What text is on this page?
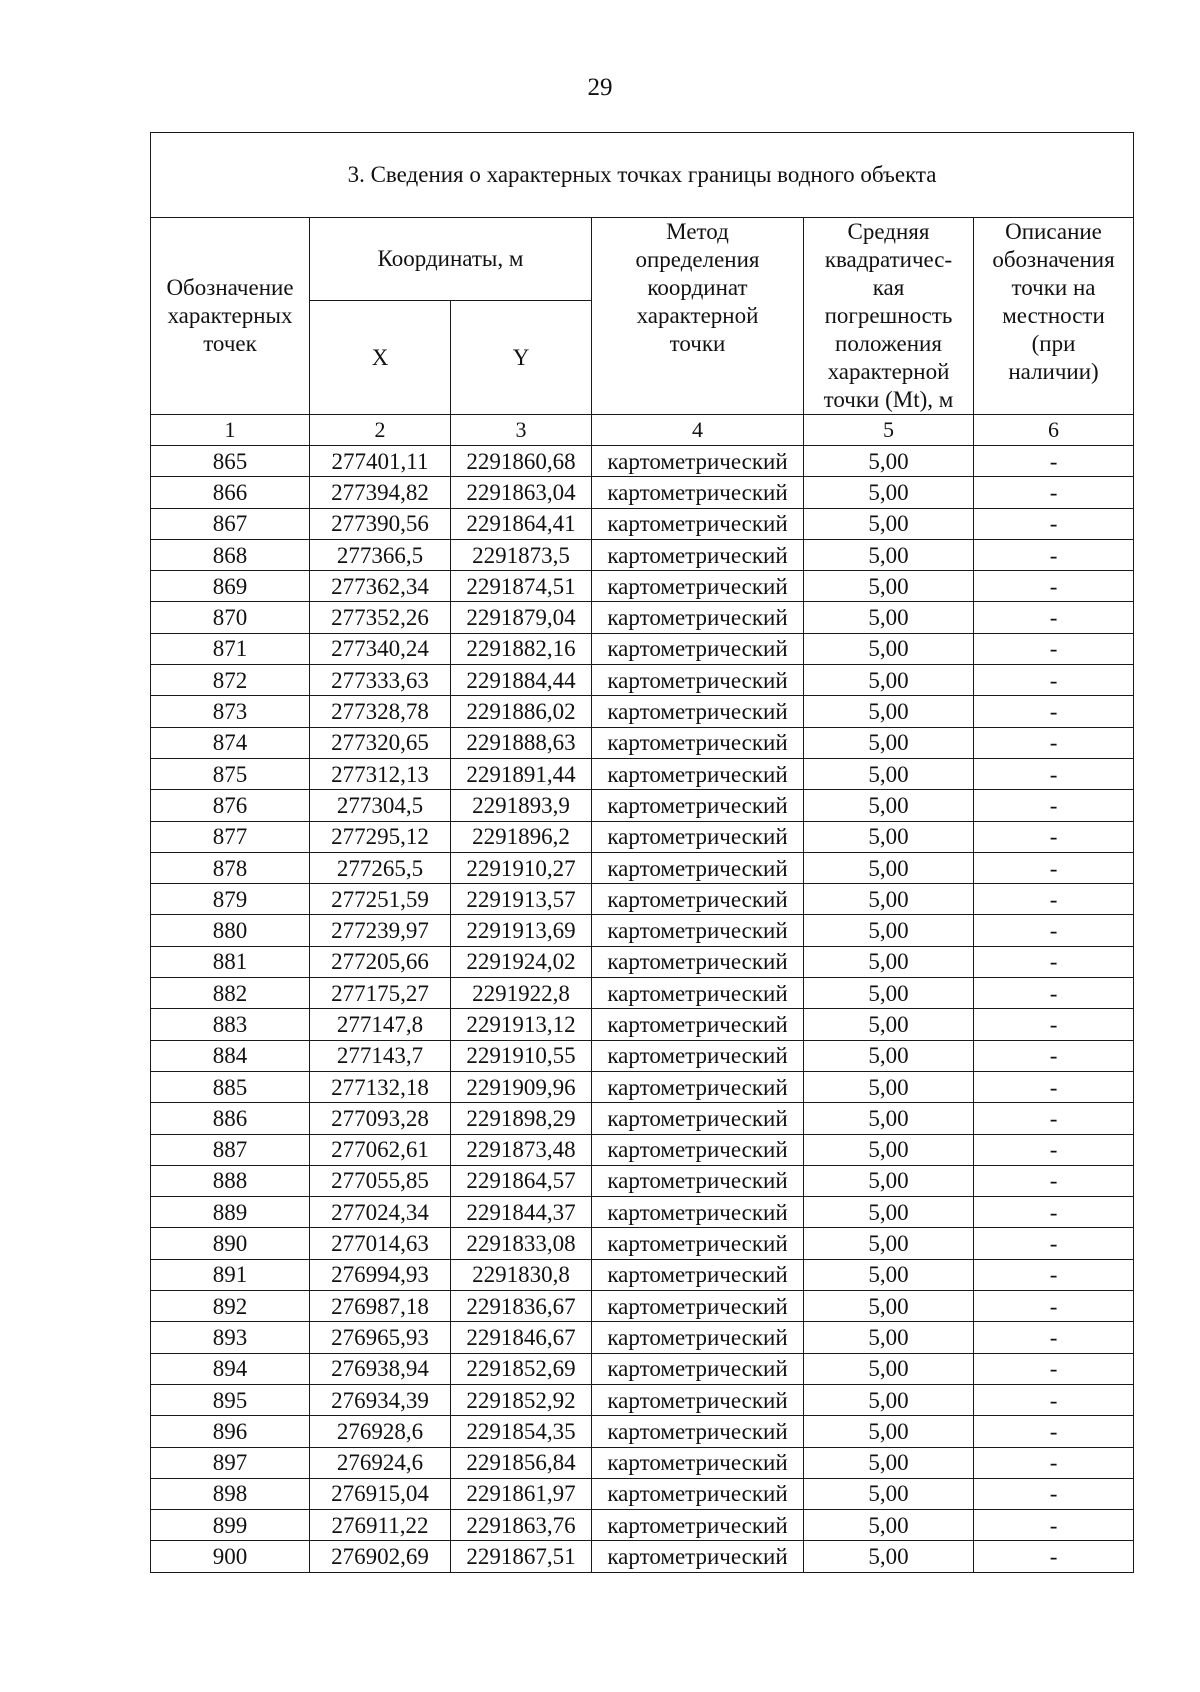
29
3. Сведения о характерных точках границы водного объекта					
Обозначение характерных точек	Координаты, м		Метод определения координат характерной точки	Средняя квадратичес-кая погрешность положения характерной точки (Mt), м	Описание обозначения точки на местности (при наличии)
	X	Y			
1	2	3	4	5	6
865	277401,11	2291860,68	картометрический	5,00	-
866	277394,82	2291863,04	картометрический	5,00	-
867	277390,56	2291864,41	картометрический	5,00	-
868	277366,5	2291873,5	картометрический	5,00	-
869	277362,34	2291874,51	картометрический	5,00	-
870	277352,26	2291879,04	картометрический	5,00	-
871	277340,24	2291882,16	картометрический	5,00	-
872	277333,63	2291884,44	картометрический	5,00	-
873	277328,78	2291886,02	картометрический	5,00	-
874	277320,65	2291888,63	картометрический	5,00	-
875	277312,13	2291891,44	картометрический	5,00	-
876	277304,5	2291893,9	картометрический	5,00	-
877	277295,12	2291896,2	картометрический	5,00	-
878	277265,5	2291910,27	картометрический	5,00	-
879	277251,59	2291913,57	картометрический	5,00	-
880	277239,97	2291913,69	картометрический	5,00	-
881	277205,66	2291924,02	картометрический	5,00	-
882	277175,27	2291922,8	картометрический	5,00	-
883	277147,8	2291913,12	картометрический	5,00	-
884	277143,7	2291910,55	картометрический	5,00	-
885	277132,18	2291909,96	картометрический	5,00	-
886	277093,28	2291898,29	картометрический	5,00	-
887	277062,61	2291873,48	картометрический	5,00	-
888	277055,85	2291864,57	картометрический	5,00	-
889	277024,34	2291844,37	картометрический	5,00	-
890	277014,63	2291833,08	картометрический	5,00	-
891	276994,93	2291830,8	картометрический	5,00	-
892	276987,18	2291836,67	картометрический	5,00	-
893	276965,93	2291846,67	картометрический	5,00	-
894	276938,94	2291852,69	картометрический	5,00	-
895	276934,39	2291852,92	картометрический	5,00	-
896	276928,6	2291854,35	картометрический	5,00	-
897	276924,6	2291856,84	картометрический	5,00	-
898	276915,04	2291861,97	картометрический	5,00	-
899	276911,22	2291863,76	картометрический	5,00	-
900	276902,69	2291867,51	картометрический	5,00	-
